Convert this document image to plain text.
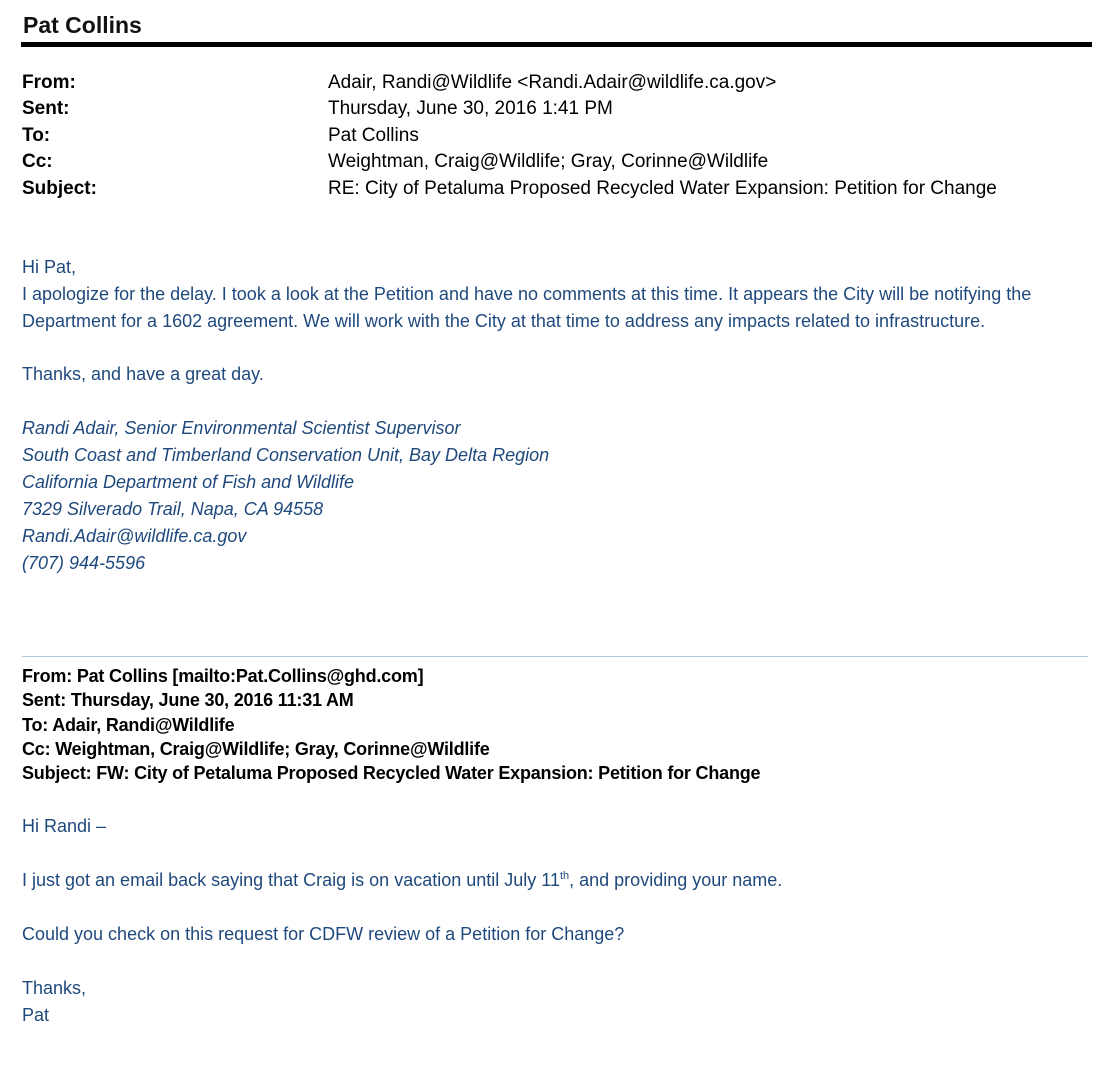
Pat Collins
From:	Adair, Randi@Wildlife <Randi.Adair@wildlife.ca.gov>
Sent:	Thursday, June 30, 2016 1:41 PM
To:	Pat Collins
Cc:	Weightman, Craig@Wildlife; Gray, Corinne@Wildlife
Subject:	RE: City of Petaluma Proposed Recycled Water Expansion: Petition for Change

Hi Pat,

I apologize for the delay. I took a look at the Petition and have no comments at this time. It appears the City will be notifying the Department for a 1602 agreement. We will work with the City at that time to address any impacts related to infrastructure.

Thanks, and have a great day.

Randi Adair, Senior Environmental Scientist Supervisor

South Coast and Timberland Conservation Unit, Bay Delta Region

California Department of Fish and Wildlife

7329 Silverado Trail, Napa, CA 94558

Randi.Adair@wildlife.ca.gov

(707) 944-5596

From: Pat Collins [mailto:Pat.Collins@ghd.com]
Sent: Thursday, June 30, 2016 11:31 AM
To: Adair, Randi@Wildlife
Cc: Weightman, Craig@Wildlife; Gray, Corinne@Wildlife
Subject: FW: City of Petaluma Proposed Recycled Water Expansion: Petition for Change

Hi Randi –

I just got an email back saying that Craig is on vacation until July 11th, and providing your name.

Could you check on this request for CDFW review of a Petition for Change?

Thanks,

Pat
